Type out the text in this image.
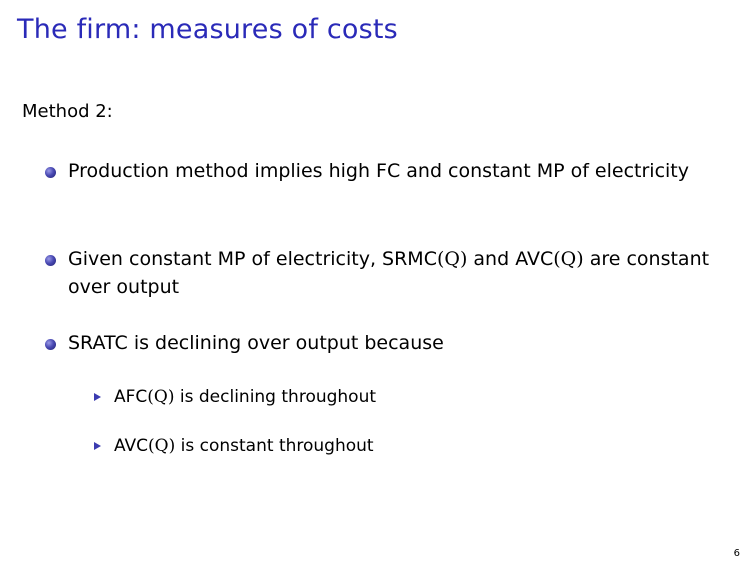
The firm: measures of costs
Method 2:
Production method implies high FC and constant MP of electricity
Given constant MP of electricity, SRMC(Q) and AVC(Q) are constant over output
SRATC is declining over output because
AFC(Q) is declining throughout
AVC(Q) is constant throughout
6
